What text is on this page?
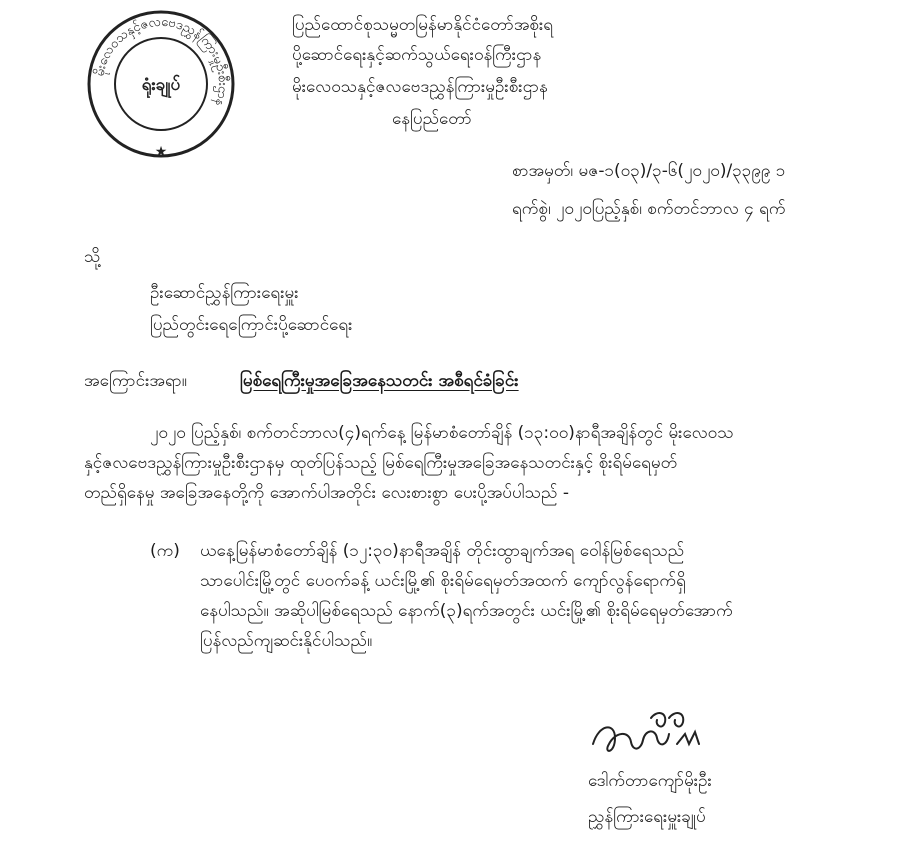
မိုးလေဝသနှင့်ဇလဗေဒညွှန်ကြားမှုဦးစီးဌာန
ရုံးချုပ်
★
ပြည်ထောင်စုသမ္မတမြန်မာနိုင်ငံတော်အစိုးရ
ပို့ဆောင်ရေးနှင့်ဆက်သွယ်ရေးဝန်ကြီးဌာန
မိုးလေဝသနှင့်ဇလဗေဒညွှန်ကြားမှုဦးစီးဌာန
နေပြည်တော်
စာအမှတ်၊ မဇ-၁(၀၃)/၃-၆(၂၀၂၀)/၃၃၉၉ ၁
ရက်စွဲ၊ ၂၀၂၀ပြည့်နှစ်၊ စက်တင်ဘာလ ၄ ရက်
သို့
ဦးဆောင်ညွှန်ကြားရေးမှူး
ပြည်တွင်းရေကြောင်းပို့ဆောင်ရေး
အကြောင်းအရာ။	မြစ်ရေကြီးမှုအခြေအနေသတင်း အစီရင်ခံခြင်း
၂၀၂၀ ပြည့်နှစ်၊ စက်တင်ဘာလ(၄)ရက်နေ့ မြန်မာစံတော်ချိန် (၁၃:၀၀)နာရီအချိန်တွင် မိုးလေဝသ
နှင့်ဇလဗေဒညွှန်ကြားမှုဦးစီးဌာနမှ ထုတ်ပြန်သည့် မြစ်ရေကြီးမှုအခြေအနေသတင်းနှင့် စိုးရိမ်ရေမှတ်
တည်ရှိနေမှု အခြေအနေတို့ကို အောက်ပါအတိုင်း လေးစားစွာ ပေးပို့အပ်ပါသည် -
(က) ယနေ့မြန်မာစံတော်ချိန် (၁၂:၃၀)နာရီအချိန် တိုင်းထွာချက်အရ ဝေါန်မြစ်ရေသည်
သာပေါင်းမြို့တွင် ပေ၀က်ခန့် ယင်းမြို့၏ စိုးရိမ်ရေမှတ်အထက် ကျော်လွန်ရောက်ရှိ
နေပါသည်။ အဆိုပါမြစ်ရေသည် နောက်(၃)ရက်အတွင်း ယင်းမြို့၏ စိုးရိမ်ရေမှတ်အောက်
ပြန်လည်ကျဆင်းနိုင်ပါသည်။
ဒေါက်တာကျော်မိုးဦး
ညွှန်ကြားရေးမှူးချုပ်
